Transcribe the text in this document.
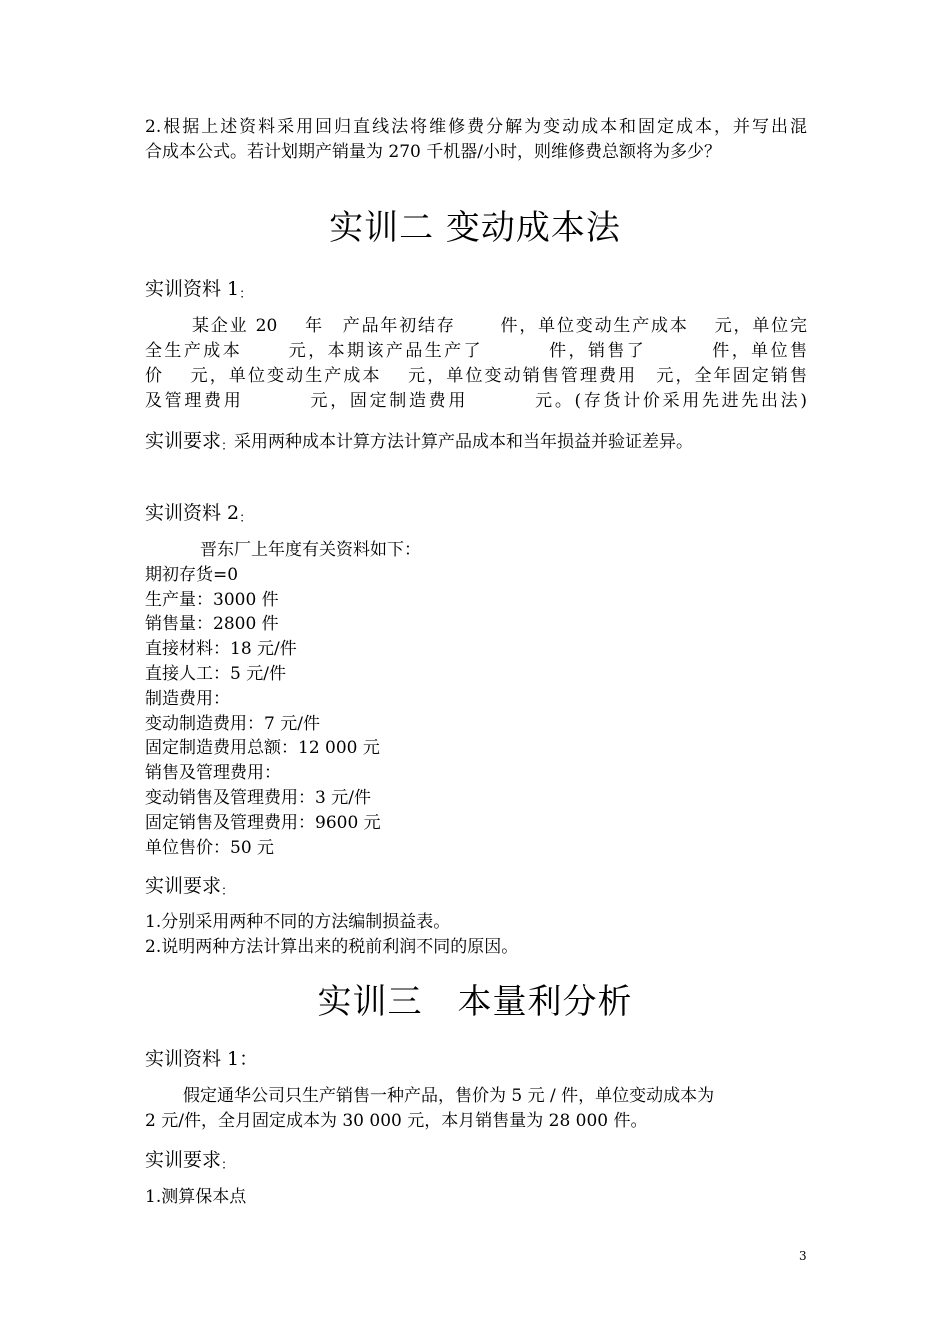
2.根据上述资料采用回归直线法将维修费分解为变动成本和固定成本，并写出混
合成本公式。若计划期产销量为 270 千机器/小时，则维修费总额将为多少？
实训二 变动成本法
实训资料 1：
某企业 20　 年　产品年初结存　　 件，单位变动生产成本　 元，单位完
全生产成本　　 元，本期该产品生产了　　　 件，销售了　　　 件，单位售
价　 元，单位变动生产成本　 元，单位变动销售管理费用　元，全年固定销售
及管理费用　　　 元，固定制造费用　　　 元。(存货计价采用先进先出法)
实训要求：采用两种成本计算方法计算产品成本和当年损益并验证差异。
实训资料 2：
晋东厂上年度有关资料如下：
期初存货=0
生产量：3000 件
销售量：2800 件
直接材料：18 元/件
直接人工：5 元/件
制造费用：
变动制造费用：7 元/件
固定制造费用总额：12 000 元
销售及管理费用：
变动销售及管理费用：3 元/件
固定销售及管理费用：9600 元
单位售价：50 元
实训要求：
1.分别采用两种不同的方法编制损益表。
2.说明两种方法计算出来的税前利润不同的原因。
实训三　本量利分析
实训资料 1：
假定通华公司只生产销售一种产品，售价为 5 元 / 件，单位变动成本为
2 元/件，全月固定成本为 30 000 元，本月销售量为 28 000 件。
实训要求：
1.测算保本点
3
